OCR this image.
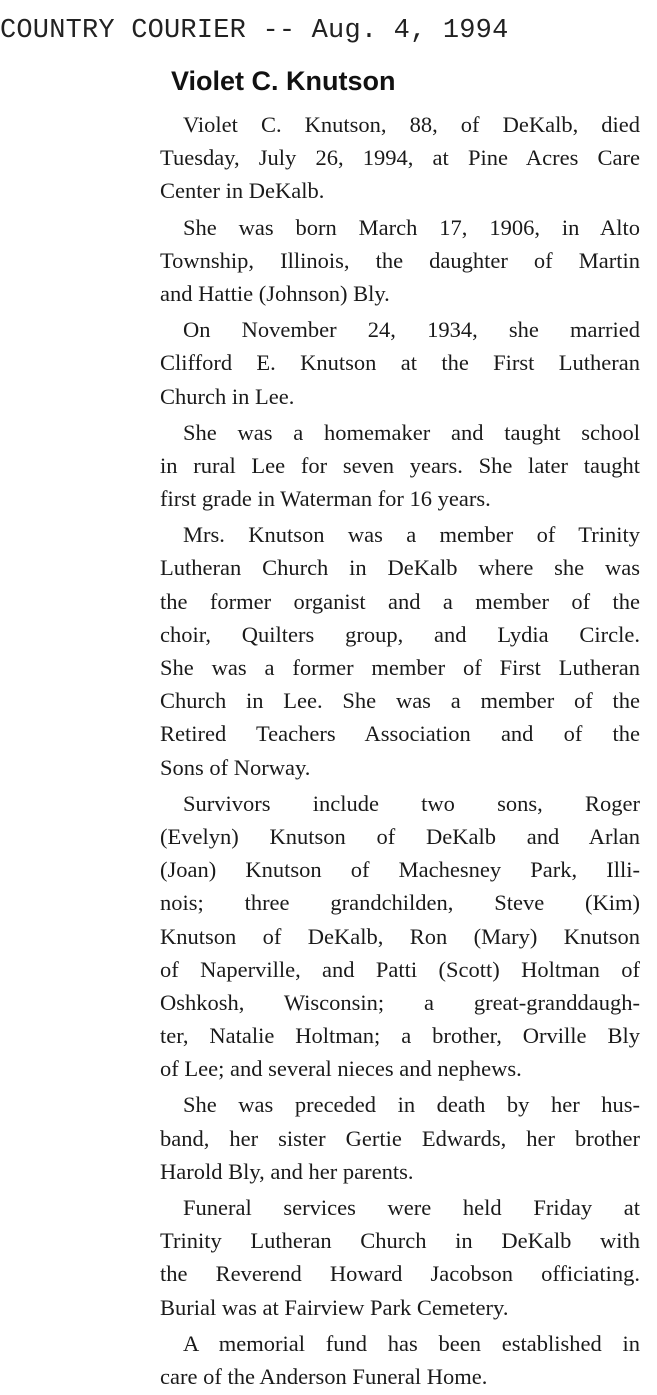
COUNTRY COURIER -- Aug. 4, 1994
Violet C. Knutson
Violet C. Knutson, 88, of DeKalb, died
Tuesday, July 26, 1994, at Pine Acres Care
Center in DeKalb.
She was born March 17, 1906, in Alto
Township, Illinois, the daughter of Martin
and Hattie (Johnson) Bly.
On November 24, 1934, she married
Clifford E. Knutson at the First Lutheran
Church in Lee.
She was a homemaker and taught school
in rural Lee for seven years. She later taught
first grade in Waterman for 16 years.
Mrs. Knutson was a member of Trinity
Lutheran Church in DeKalb where she was
the former organist and a member of the
choir, Quilters group, and Lydia Circle.
She was a former member of First Lutheran
Church in Lee. She was a member of the
Retired Teachers Association and of the
Sons of Norway.
Survivors include two sons, Roger
(Evelyn) Knutson of DeKalb and Arlan
(Joan) Knutson of Machesney Park, Illi-
nois; three grandchilden, Steve (Kim)
Knutson of DeKalb, Ron (Mary) Knutson
of Naperville, and Patti (Scott) Holtman of
Oshkosh, Wisconsin; a great-granddaugh-
ter, Natalie Holtman; a brother, Orville Bly
of Lee; and several nieces and nephews.
She was preceded in death by her hus-
band, her sister Gertie Edwards, her brother
Harold Bly, and her parents.
Funeral services were held Friday at
Trinity Lutheran Church in DeKalb with
the Reverend Howard Jacobson officiating.
Burial was at Fairview Park Cemetery.
A memorial fund has been established in
care of the Anderson Funeral Home.
